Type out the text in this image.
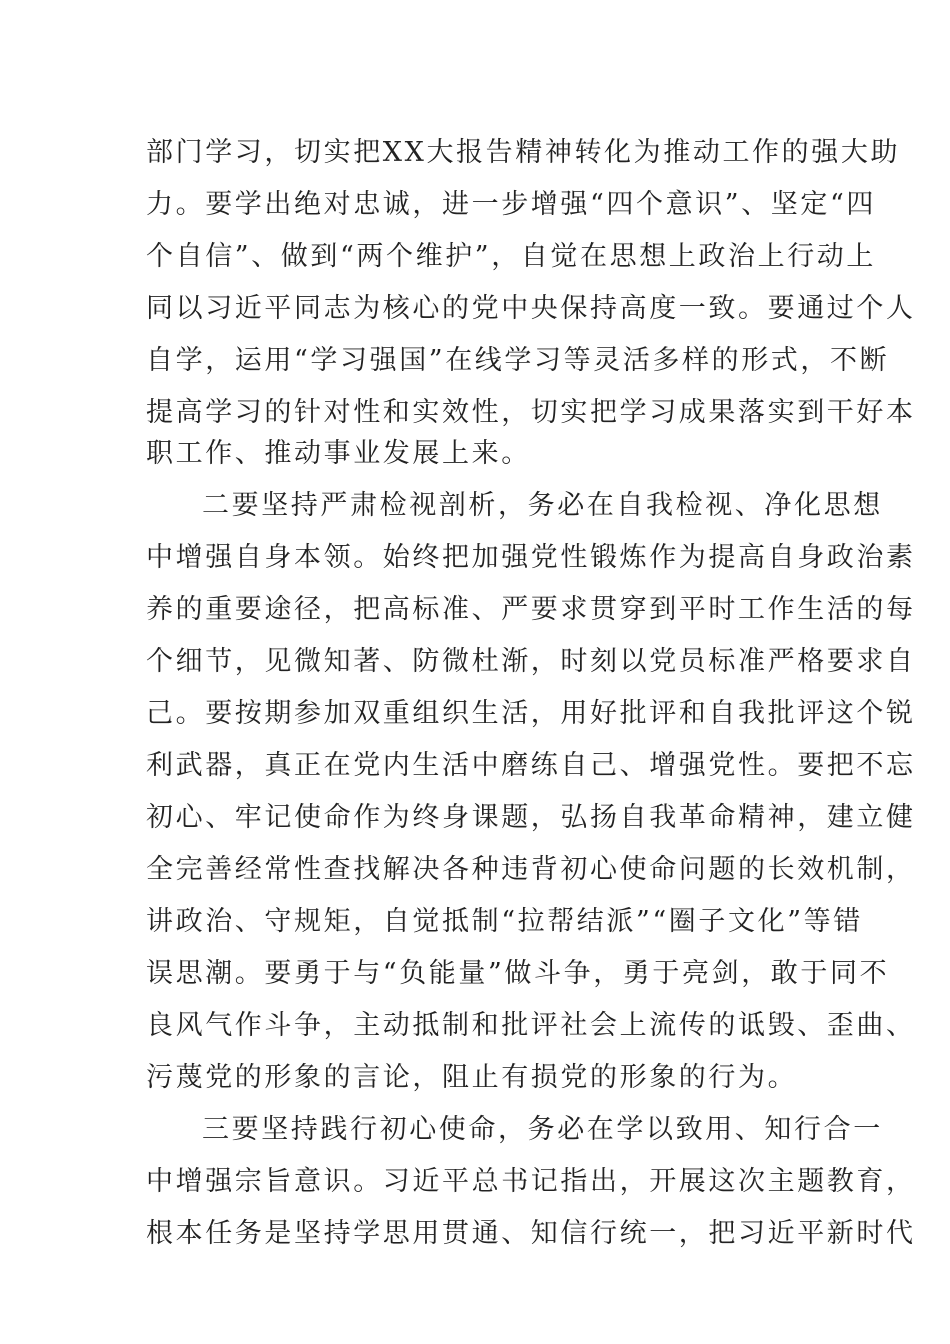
部门学习，切实把XX大报告精神转化为推动工作的强大助
力。要学出绝对忠诚，进一步增强“四个意识”、坚定“四
个自信”、做到“两个维护”，自觉在思想上政治上行动上
同以习近平同志为核心的党中央保持高度一致。要通过个人
自学，运用“学习强国”在线学习等灵活多样的形式，不断
提高学习的针对性和实效性，切实把学习成果落实到干好本
职工作、推动事业发展上来。
二要坚持严肃检视剖析，务必在自我检视、净化思想
中增强自身本领。始终把加强党性锻炼作为提高自身政治素
养的重要途径，把高标准、严要求贯穿到平时工作生活的每
个细节，见微知著、防微杜渐，时刻以党员标准严格要求自
己。要按期参加双重组织生活，用好批评和自我批评这个锐
利武器，真正在党内生活中磨练自己、增强党性。要把不忘
初心、牢记使命作为终身课题，弘扬自我革命精神，建立健
全完善经常性查找解决各种违背初心使命问题的长效机制，
讲政治、守规矩，自觉抵制“拉帮结派”“圈子文化”等错
误思潮。要勇于与“负能量”做斗争，勇于亮剑，敢于同不
良风气作斗争，主动抵制和批评社会上流传的诋毁、歪曲、
污蔑党的形象的言论，阻止有损党的形象的行为。
三要坚持践行初心使命，务必在学以致用、知行合一
中增强宗旨意识。习近平总书记指出，开展这次主题教育，
根本任务是坚持学思用贯通、知信行统一，把习近平新时代
